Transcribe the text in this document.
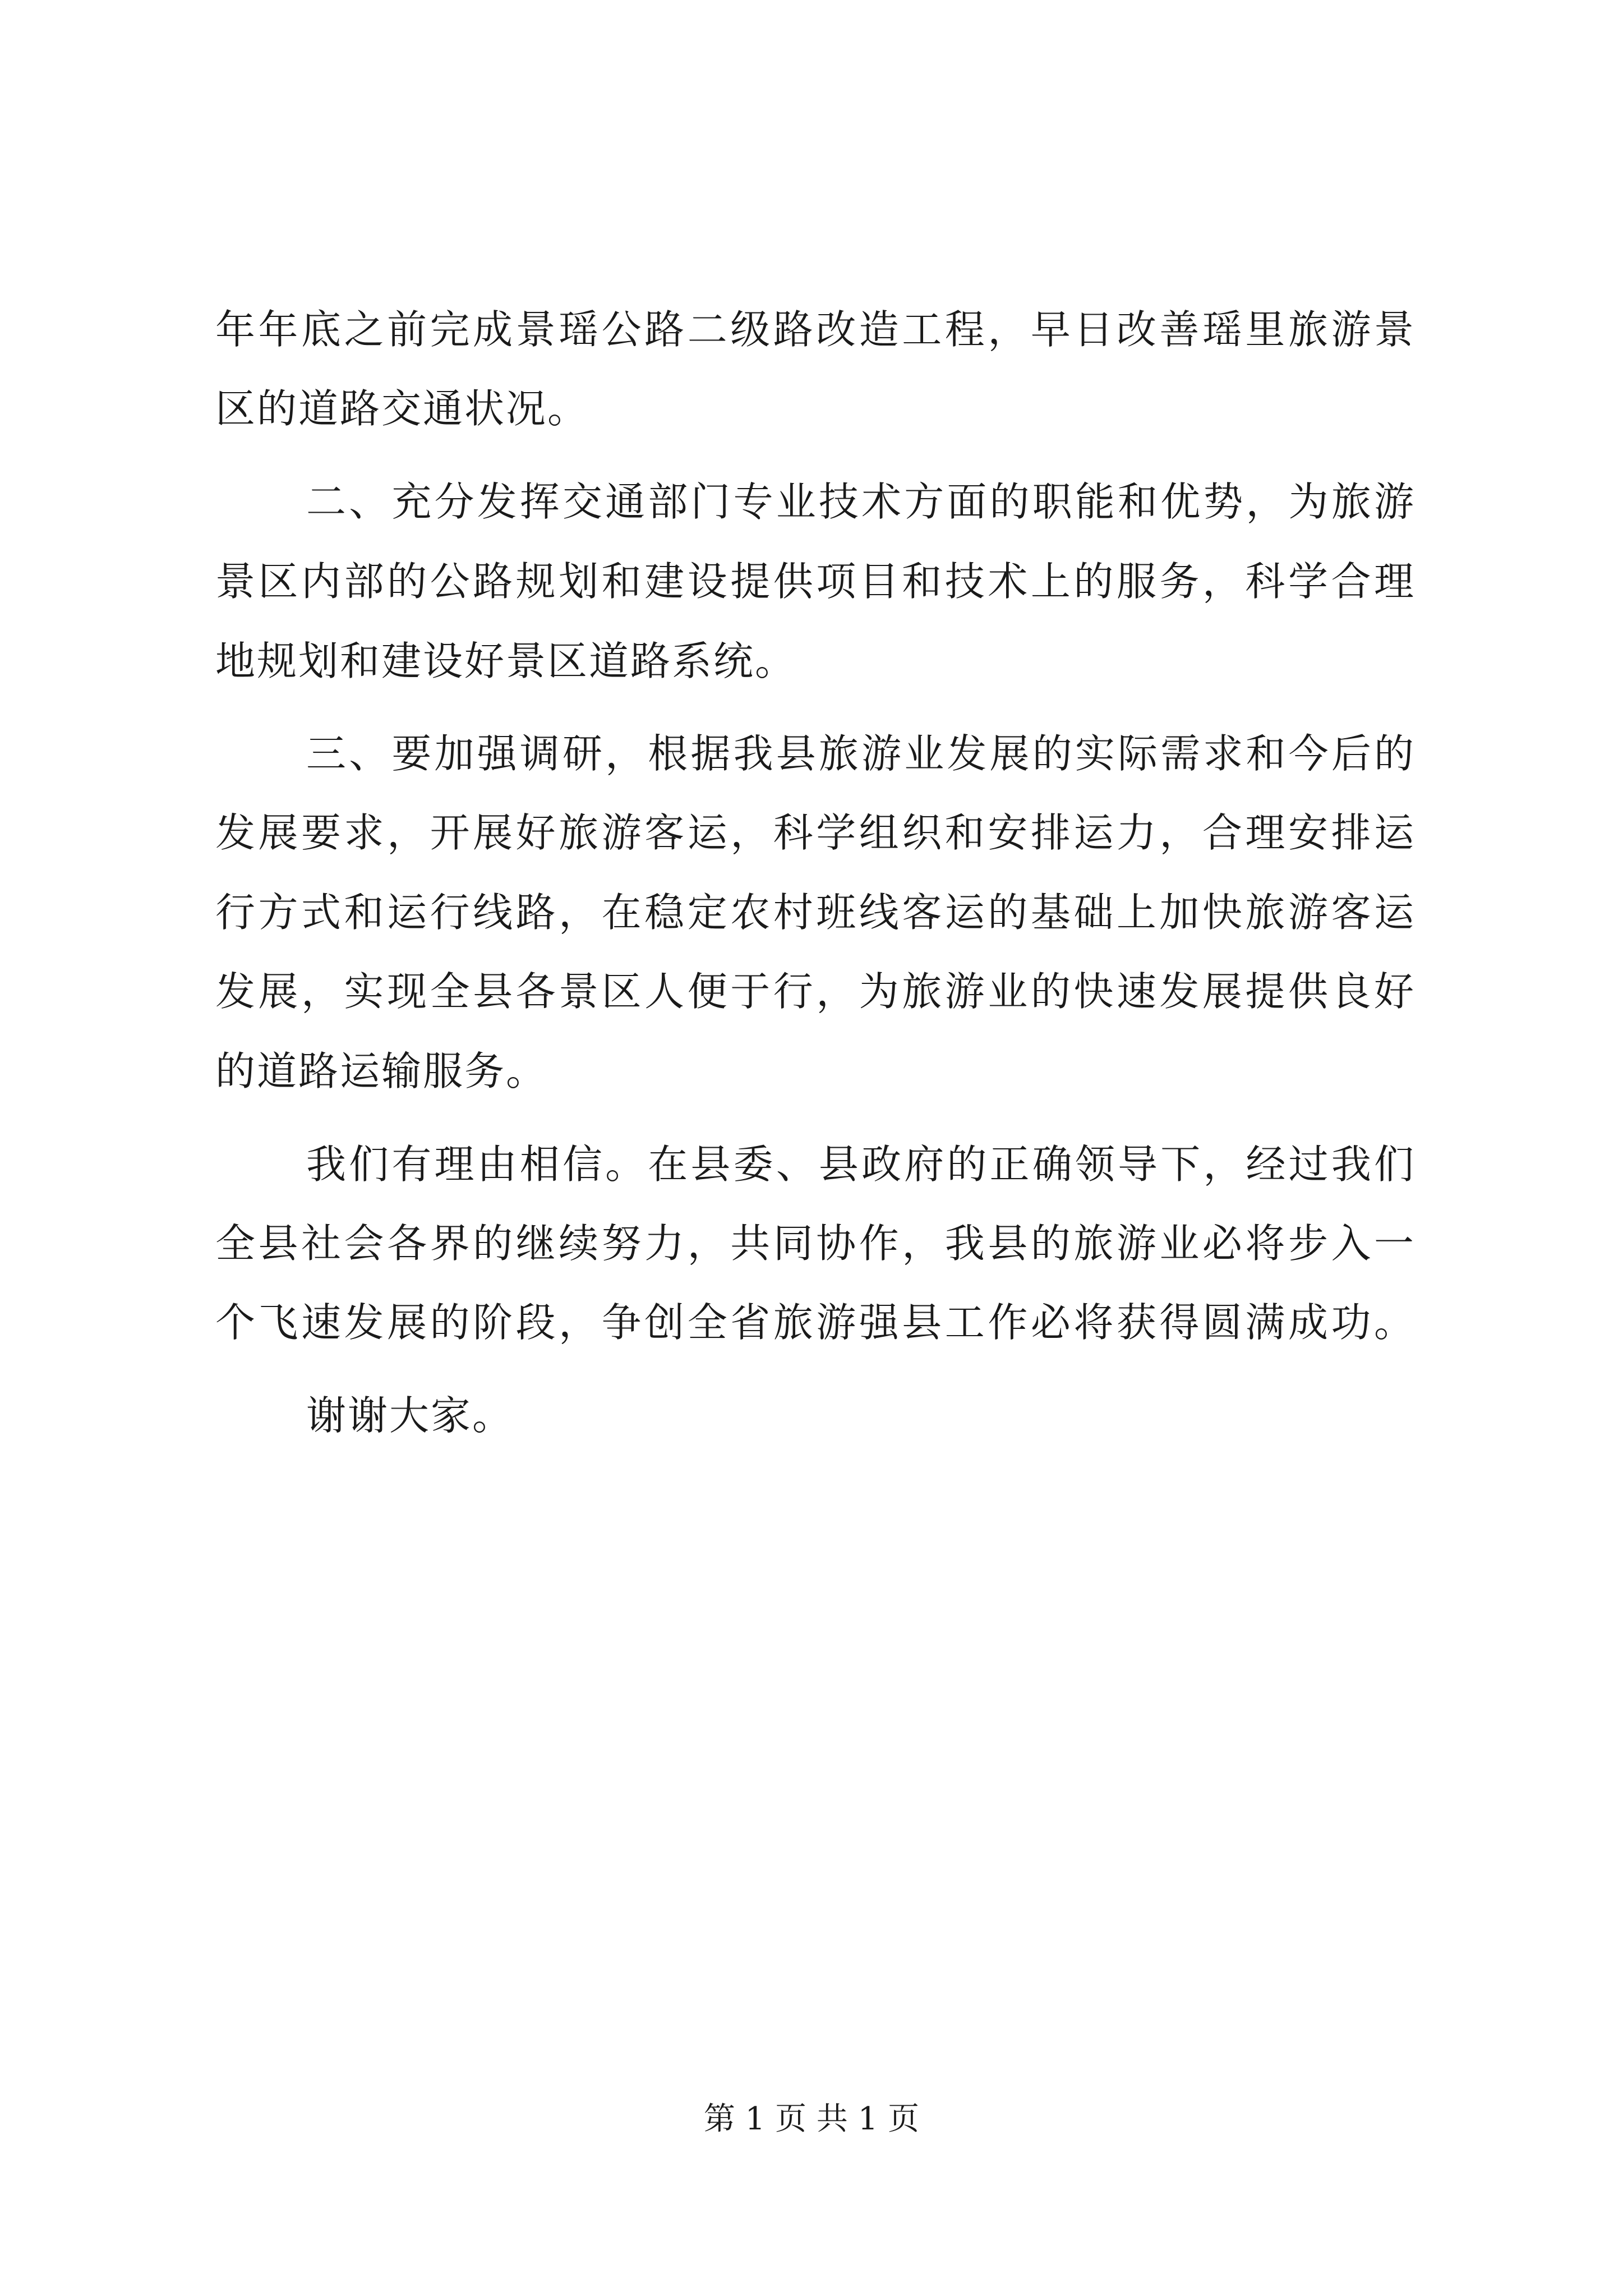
年年底之前完成景瑶公路二级路改造工程，早日改善瑶里旅游景
区的道路交通状况。
二、充分发挥交通部门专业技术方面的职能和优势，为旅游
景区内部的公路规划和建设提供项目和技术上的服务，科学合理
地规划和建设好景区道路系统。
三、要加强调研，根据我县旅游业发展的实际需求和今后的
发展要求，开展好旅游客运，科学组织和安排运力，合理安排运
行方式和运行线路，在稳定农村班线客运的基础上加快旅游客运
发展，实现全县各景区人便于行，为旅游业的快速发展提供良好
的道路运输服务。
我们有理由相信。在县委、县政府的正确领导下，经过我们
全县社会各界的继续努力，共同协作，我县的旅游业必将步入一
个飞速发展的阶段，争创全省旅游强县工作必将获得圆满成功。
谢谢大家。
第 1 页 共 1 页
